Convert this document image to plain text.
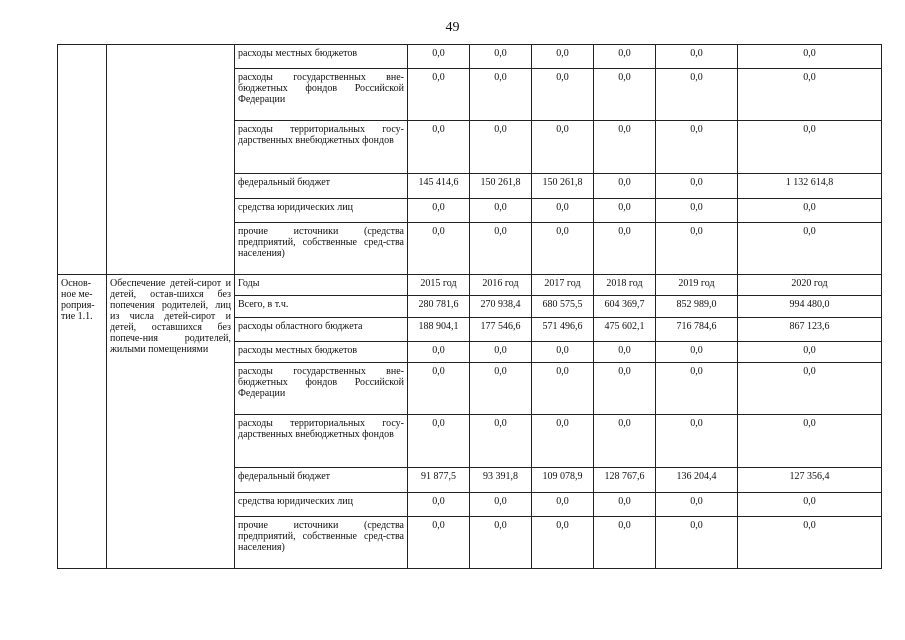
49
		расходы местных бюджетов	0,0	0,0	0,0	0,0	0,0	0,0
		расходы государственных вне-бюджетных фондов Российской Федерации	0,0	0,0	0,0	0,0	0,0	0,0
		расходы территориальных госу-дарственных внебюджетных фондов	0,0	0,0	0,0	0,0	0,0	0,0
		федеральный бюджет	145 414,6	150 261,8	150 261,8	0,0	0,0	1 132 614,8
		средства юридических лиц	0,0	0,0	0,0	0,0	0,0	0,0
		прочие источники (средства предприятий, собственные сред-ства населения)	0,0	0,0	0,0	0,0	0,0	0,0
Основ-ное ме-роприя-тие 1.1.	Обеспечение детей-сирот и детей, остав-шихся без попечения родителей, лиц из числа детей-сирот и детей, оставшихся без попече-ния родителей, жилыми помещениями	Годы	2015 год	2016 год	2017 год	2018 год	2019 год	2020 год
		Всего, в т.ч.	280 781,6	270 938,4	680 575,5	604 369,7	852 989,0	994 480,0
		расходы областного бюджета	188 904,1	177 546,6	571 496,6	475 602,1	716 784,6	867 123,6
		расходы местных бюджетов	0,0	0,0	0,0	0,0	0,0	0,0
		расходы государственных вне-бюджетных фондов Российской Федерации	0,0	0,0	0,0	0,0	0,0	0,0
		расходы территориальных госу-дарственных внебюджетных фондов	0,0	0,0	0,0	0,0	0,0	0,0
		федеральный бюджет	91 877,5	93 391,8	109 078,9	128 767,6	136 204,4	127 356,4
		средства юридических лиц	0,0	0,0	0,0	0,0	0,0	0,0
		прочие источники (средства предприятий, собственные сред-ства населения)	0,0	0,0	0,0	0,0	0,0	0,0
